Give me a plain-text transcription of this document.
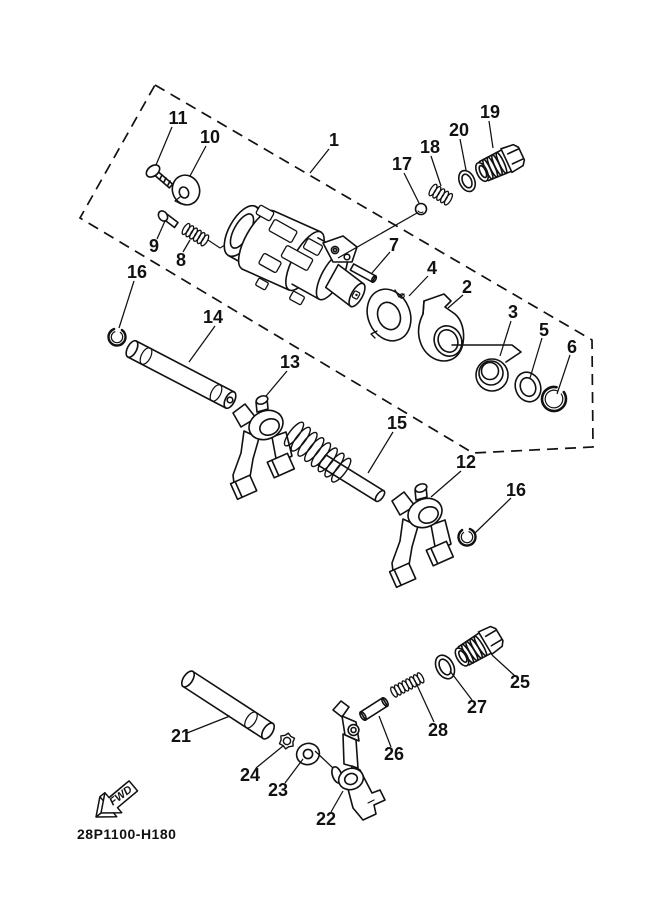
11
10	1
17
18
20
19
9
8
16
14
7
4
2
3
5
6
13
15
12
16
21
24
23
22
26
28
27
25
FWD
28P1100-H180
